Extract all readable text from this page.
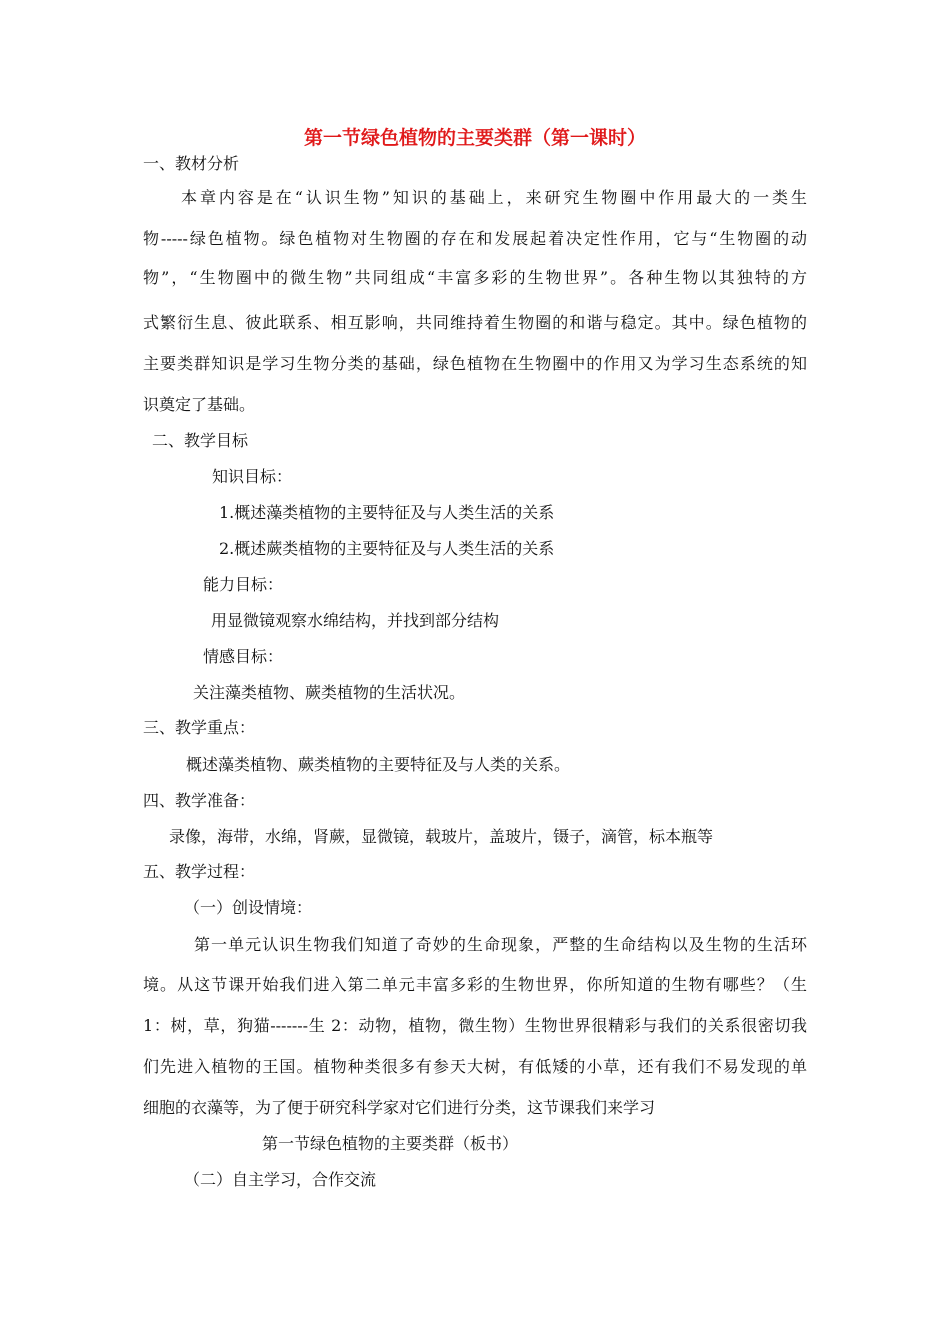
第一节绿色植物的主要类群（第一课时）
一、教材分析
本章内容是在“认识生物”知识的基础上，来研究生物圈中作用最大的一类生
物-----绿色植物。绿色植物对生物圈的存在和发展起着决定性作用，它与“生物圈的动
物”，“生物圈中的微生物”共同组成“丰富多彩的生物世界”。各种生物以其独特的方
式繁衍生息、彼此联系、相互影响，共同维持着生物圈的和谐与稳定。其中。绿色植物的
主要类群知识是学习生物分类的基础，绿色植物在生物圈中的作用又为学习生态系统的知
识奠定了基础。
二、教学目标
知识目标：
1.概述藻类植物的主要特征及与人类生活的关系
2.概述蕨类植物的主要特征及与人类生活的关系
能力目标：
用显微镜观察水绵结构，并找到部分结构
情感目标：
关注藻类植物、蕨类植物的生活状况。
三、教学重点：
概述藻类植物、蕨类植物的主要特征及与人类的关系。
四、教学准备：
录像，海带，水绵，肾蕨，显微镜，载玻片，盖玻片，镊子，滴管，标本瓶等
五、教学过程：
（一）创设情境：
第一单元认识生物我们知道了奇妙的生命现象，严整的生命结构以及生物的生活环
境。从这节课开始我们进入第二单元丰富多彩的生物世界，你所知道的生物有哪些？（生
1：树，草，狗猫-------生 2：动物，植物，微生物）生物世界很精彩与我们的关系很密切我
们先进入植物的王国。植物种类很多有参天大树，有低矮的小草，还有我们不易发现的单
细胞的衣藻等，为了便于研究科学家对它们进行分类，这节课我们来学习
第一节绿色植物的主要类群（板书）
（二）自主学习，合作交流
